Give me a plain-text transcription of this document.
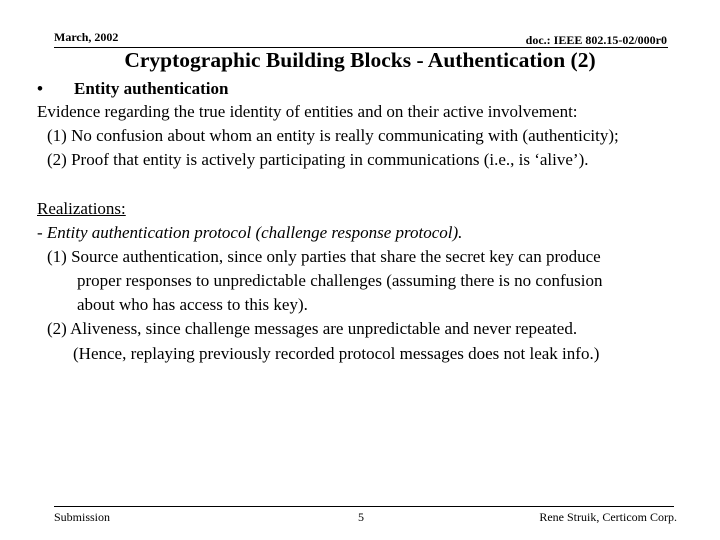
March, 2002	doc.: IEEE 802.15-02/000r0
Cryptographic Building Blocks - Authentication (2)
• Entity authentication
Evidence regarding the true identity of entities and on their active involvement:
(1) No confusion about whom an entity is really communicating with (authenticity);
(2) Proof that entity is actively participating in communications (i.e., is ‘alive’).
Realizations:
- Entity authentication protocol (challenge response protocol).
(1) Source authentication, since only parties that share the secret key can produce
proper responses to unpredictable challenges (assuming there is no confusion
about who has access to this key).
(2) Aliveness, since challenge messages are unpredictable and never repeated.
(Hence, replaying previously recorded protocol messages does not leak info.)
Submission	5	Rene Struik, Certicom Corp.
